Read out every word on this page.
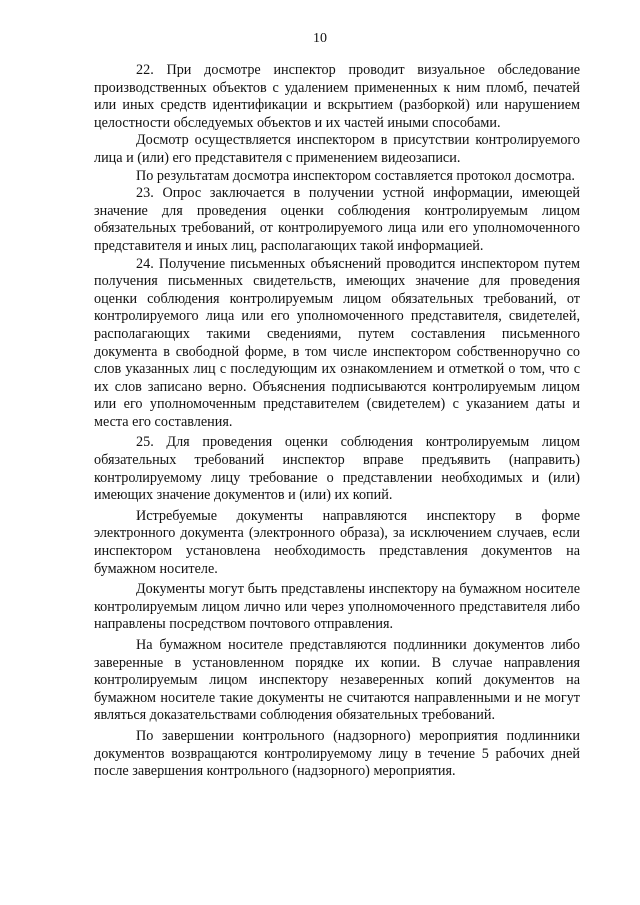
10

22. При досмотре инспектор проводит визуальное обследование производственных объектов с удалением примененных к ним пломб, печатей или иных средств идентификации и вскрытием (разборкой) или нарушением целостности обследуемых объектов и их частей иными способами.

Досмотр осуществляется инспектором в присутствии контролируемого лица и (или) его представителя с применением видеозаписи.

По результатам досмотра инспектором составляется протокол досмотра.

23. Опрос заключается в получении устной информации, имеющей значение для проведения оценки соблюдения контролируемым лицом обязательных требований, от контролируемого лица или его уполномоченного представителя и иных лиц, располагающих такой информацией.

24. Получение письменных объяснений проводится инспектором путем получения письменных свидетельств, имеющих значение для проведения оценки соблюдения контролируемым лицом обязательных требований, от контролируемого лица или его уполномоченного представителя, свидетелей, располагающих такими сведениями, путем составления письменного документа в свободной форме, в том числе инспектором собственноручно со слов указанных лиц с последующим их ознакомлением и отметкой о том, что с их слов записано верно. Объяснения подписываются контролируемым лицом или его уполномоченным представителем (свидетелем) с указанием даты и места его составления.

25. Для проведения оценки соблюдения контролируемым лицом обязательных требований инспектор вправе предъявить (направить) контролируемому лицу требование о представлении необходимых и (или) имеющих значение документов и (или) их копий.

Истребуемые документы направляются инспектору в форме электронного документа (электронного образа), за исключением случаев, если инспектором установлена необходимость представления документов на бумажном носителе.

Документы могут быть представлены инспектору на бумажном носителе контролируемым лицом лично или через уполномоченного представителя либо направлены посредством почтового отправления.

На бумажном носителе представляются подлинники документов либо заверенные в установленном порядке их копии. В случае направления контролируемым лицом инспектору незаверенных копий документов на бумажном носителе такие документы не считаются направленными и не могут являться доказательствами соблюдения обязательных требований.

По завершении контрольного (надзорного) мероприятия подлинники документов возвращаются контролируемому лицу в течение 5 рабочих дней после завершения контрольного (надзорного) мероприятия.
